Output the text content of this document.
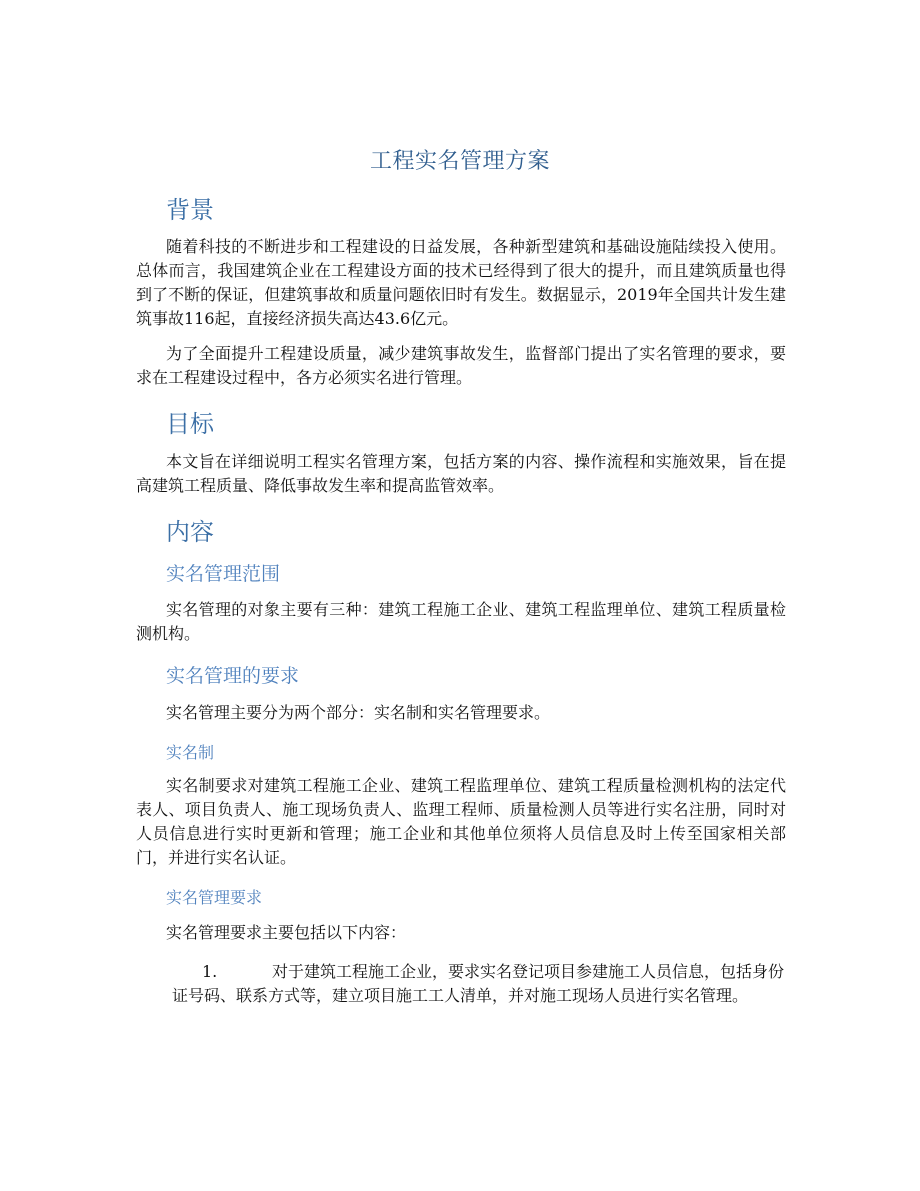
工程实名管理方案
背景

随着科技的不断进步和工程建设的日益发展，各种新型建筑和基础设施陆续投入使用。总体而言，我国建筑企业在工程建设方面的技术已经得到了很大的提升，而且建筑质量也得到了不断的保证，但建筑事故和质量问题依旧时有发生。数据显示，2019年全国共计发生建筑事故116起，直接经济损失高达43.6亿元。

为了全面提升工程建设质量，减少建筑事故发生，监督部门提出了实名管理的要求，要求在工程建设过程中，各方必须实名进行管理。

目标

本文旨在详细说明工程实名管理方案，包括方案的内容、操作流程和实施效果，旨在提高建筑工程质量、降低事故发生率和提高监管效率。

内容
实名管理范围

实名管理的对象主要有三种：建筑工程施工企业、建筑工程监理单位、建筑工程质量检测机构。

实名管理的要求

实名管理主要分为两个部分：实名制和实名管理要求。

实名制

实名制要求对建筑工程施工企业、建筑工程监理单位、建筑工程质量检测机构的法定代表人、项目负责人、施工现场负责人、监理工程师、质量检测人员等进行实名注册，同时对人员信息进行实时更新和管理；施工企业和其他单位须将人员信息及时上传至国家相关部门，并进行实名认证。

实名管理要求

实名管理要求主要包括以下内容：

1.	对于建筑工程施工企业，要求实名登记项目参建施工人员信息，包括身份证号码、联系方式等，建立项目施工工人清单，并对施工现场人员进行实名管理。
